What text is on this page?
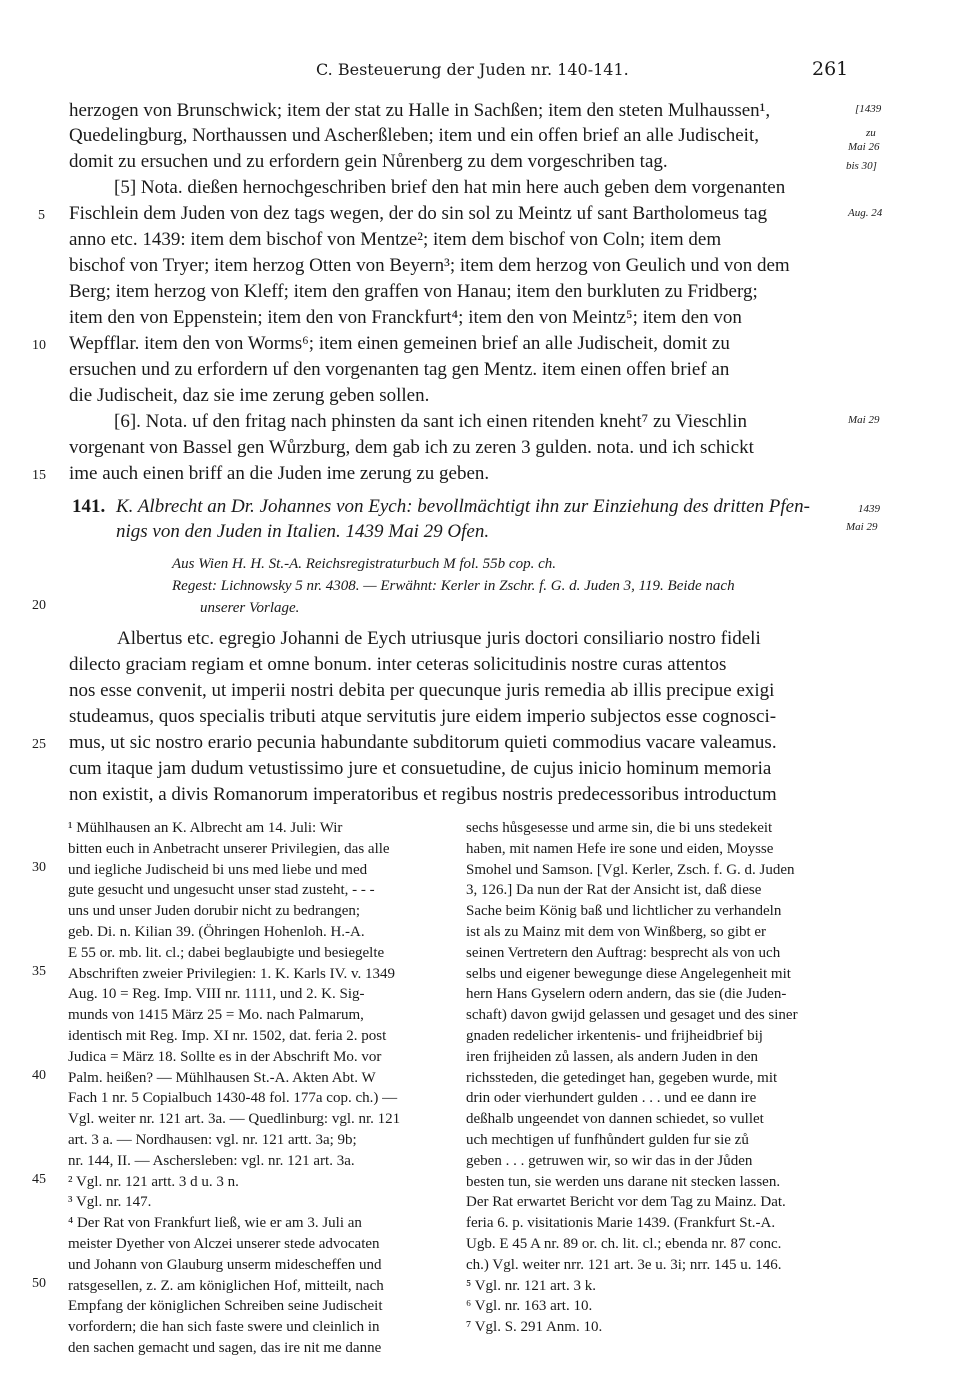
C. Besteuerung der Juden nr. 140-141.	261
herzogen von Brunschwick; item der stat zu Halle in Sachßen; item den steten Mulhaussen¹,
Quedelingburg, Northaussen und Ascherßleben; item und ein offen brief an alle Judischeit,
domit zu ersuchen und zu erfordern gein Nůrenberg zu dem vorgeschriben tag.
[5] Nota. dießen hernochgeschriben brief den hat min here auch geben dem vorgenanten
Fischlein dem Juden von dez tags wegen, der do sin sol zu Meintz uf sant Bartholomeus tag
anno etc. 1439: item dem bischof von Mentze²; item dem bischof von Coln; item dem
bischof von Tryer; item herzog Otten von Beyern³; item dem herzog von Geulich und von dem
Berg; item herzog von Kleff; item den graffen von Hanau; item den burkluten zu Fridberg;
item den von Eppenstein; item den von Franckfurt⁴; item den von Meintz⁵; item den von
Wepfflar. item den von Worms⁶; item einen gemeinen brief an alle Judischeit, domit zu
ersuchen und zu erfordern uf den vorgenanten tag gen Mentz. item einen offen brief an
die Judischeit, daz sie ime zerung geben sollen.
[6]. Nota. uf den fritag nach phinsten da sant ich einen ritenden kneht⁷ zu Vieschlin
vorgenant von Bassel gen Wůrzburg, dem gab ich zu zeren 3 gulden. nota. und ich schickt
ime auch einen briff an die Juden ime zerung zu geben.
5
10
15
[1439
zu
Mai 26
bis 30]
Aug. 24
Mai 29
1439
Mai 29
141. K. Albrecht an Dr. Johannes von Eych: bevollmächtigt ihn zur Einziehung des dritten Pfen-
nigs von den Juden in Italien. 1439 Mai 29 Ofen.
Aus Wien H. H. St.-A. Reichsregistraturbuch M fol. 55b cop. ch.
Regest: Lichnowsky 5 nr. 4308. — Erwähnt: Kerler in Zschr. f. G. d. Juden 3, 119. Beide nach
unserer Vorlage.
20
Albertus etc. egregio Johanni de Eych utriusque juris doctori consiliario nostro fideli
dilecto graciam regiam et omne bonum. inter ceteras solicitudinis nostre curas attentos
nos esse convenit, ut imperii nostri debita per quecunque juris remedia ab illis precipue exigi
studeamus, quos specialis tributi atque servitutis jure eidem imperio subjectos esse cognosci-
mus, ut sic nostro erario pecunia habundante subditorum quieti commodius vacare valeamus.
cum itaque jam dudum vetustissimo jure et consuetudine, de cujus inicio hominum memoria
non existit, a divis Romanorum imperatoribus et regibus nostris predecessoribus introductum
25
¹ Mühlhausen an K. Albrecht am 14. Juli: Wir
bitten euch in Anbetracht unserer Privilegien, das alle
und iegliche Judischeid bi uns med liebe und med
gute gesucht und ungesucht unser stad zusteht, - - -
uns und unser Juden dorubir nicht zu bedrangen;
geb. Di. n. Kilian 39. (Öhringen Hohenloh. H.-A.
E 55 or. mb. lit. cl.; dabei beglaubigte und besiegelte
Abschriften zweier Privilegien: 1. K. Karls IV. v. 1349
Aug. 10 = Reg. Imp. VIII nr. 1111, und 2. K. Sig-
munds von 1415 März 25 = Mo. nach Palmarum,
identisch mit Reg. Imp. XI nr. 1502, dat. feria 2. post
Judica = März 18. Sollte es in der Abschrift Mo. vor
Palm. heißen? — Mühlhausen St.-A. Akten Abt. W
Fach 1 nr. 5 Copialbuch 1430-48 fol. 177a cop. ch.) —
Vgl. weiter nr. 121 art. 3a. — Quedlinburg: vgl. nr. 121
art. 3 a. — Nordhausen: vgl. nr. 121 artt. 3a; 9b;
nr. 144, II. — Aschersleben: vgl. nr. 121 art. 3a.
² Vgl. nr. 121 artt. 3 d u. 3 n.
³ Vgl. nr. 147.
⁴ Der Rat von Frankfurt ließ, wie er am 3. Juli an
meister Dyether von Alczei unserer stede advocaten
und Johann von Glauburg unserm midescheffen und
ratsgesellen, z. Z. am königlichen Hof, mitteilt, nach
Empfang der königlichen Schreiben seine Judischeit
vorfordern; die han sich faste swere und cleinlich in
den sachen gemacht und sagen, das ire nit me danne
sechs hůsgesesse und arme sin, die bi uns stedekeit
haben, mit namen Hefe ire sone und eiden, Moysse
Smohel und Samson. [Vgl. Kerler, Zsch. f. G. d. Juden
3, 126.] Da nun der Rat der Ansicht ist, daß diese
Sache beim König baß und lichtlicher zu verhandeln
ist als zu Mainz mit dem von Winßberg, so gibt er
seinen Vertretern den Auftrag: besprecht als von uch
selbs und eigener bewegunge diese Angelegenheit mit
hern Hans Gyselern odern andern, das sie (die Juden-
schaft) davon gwijd gelassen und gesaget und des siner
gnaden redelicher irkentenis- und frijheidbrief bij
iren frijheiden zů lassen, als andern Juden in den
richssteden, die getedinget han, gegeben wurde, mit
drin oder vierhundert gulden . . . und ee dann ire
deßhalb ungeendet von dannen schiedet, so vullet
uch mechtigen uf funfhůndert gulden fur sie zů
geben . . . getruwen wir, so wir das in der Jůden
besten tun, sie werden uns darane nit stecken lassen.
Der Rat erwartet Bericht vor dem Tag zu Mainz. Dat.
feria 6. p. visitationis Marie 1439. (Frankfurt St.-A.
Ugb. E 45 A nr. 89 or. ch. lit. cl.; ebenda nr. 87 conc.
ch.) Vgl. weiter nrr. 121 art. 3e u. 3i; nrr. 145 u. 146.
⁵ Vgl. nr. 121 art. 3 k.
⁶ Vgl. nr. 163 art. 10.
⁷ Vgl. S. 291 Anm. 10.
30
35
40
45
50
